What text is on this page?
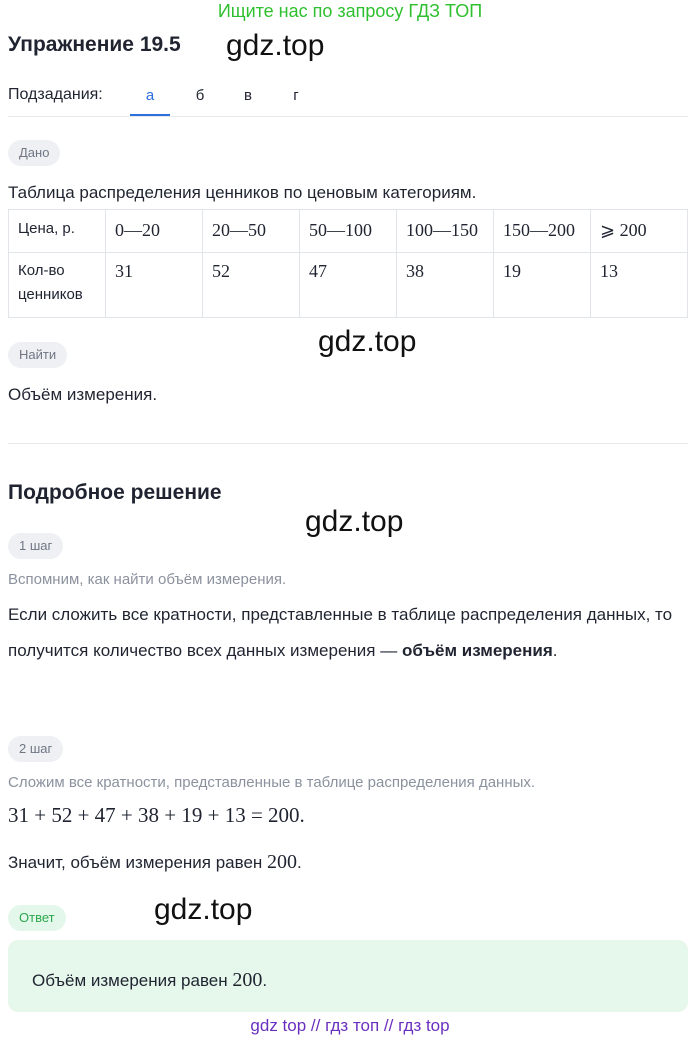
Ищите нас по запросу ГДЗ ТОП
Упражнение 19.5 gdz.top
Подзадания:	а	б	в	г
Дано
Таблица распределения ценников по ценовым категориям.
Цена, р.	0—20	20—50	50—100	100—150	150—200	⩾ 200
Кол-во ценников	31	52	47	38	19	13
gdz.top
Найти
Объём измерения.
Подробное решение
gdz.top
1 шаг
Вспомним, как найти объём измерения.
Если сложить все кратности, представленные в таблице распределения данных, то получится количество всех данных измерения — объём измерения.
2 шаг
Сложим все кратности, представленные в таблице распределения данных.
31 + 52 + 47 + 38 + 19 + 13 = 200.
Значит, объём измерения равен 200.
Ответ	gdz.top
Объём измерения равен 200.
gdz top // гдз топ // гдз top
